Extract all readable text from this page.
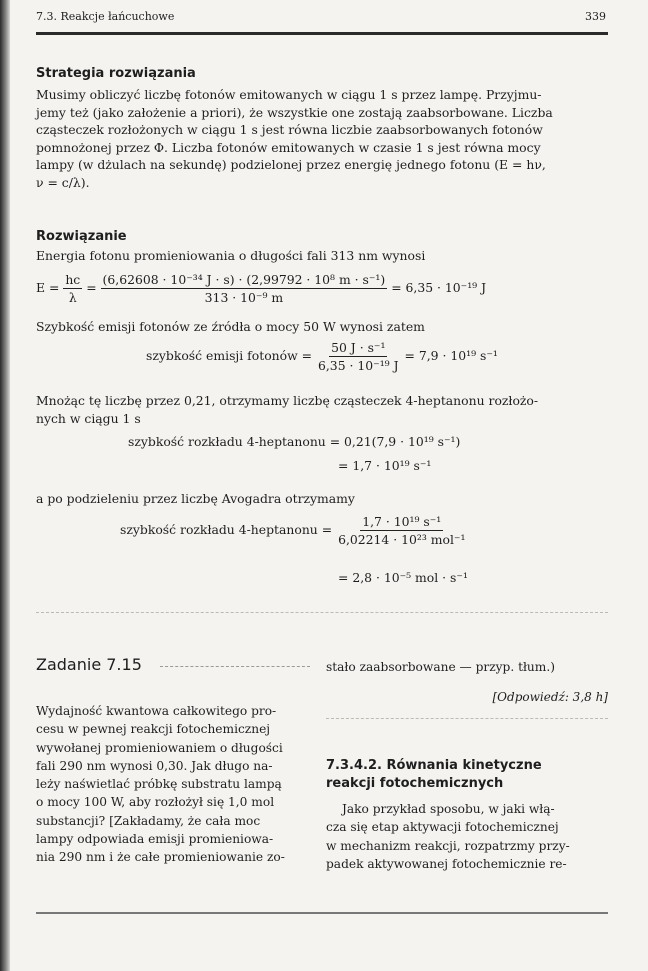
7.3. Reakcje łańcuchowe	339
Strategia rozwiązania
Musimy obliczyć liczbę fotonów emitowanych w ciągu 1 s przez lampę. Przyjmu-
jemy też (jako założenie a priori), że wszystkie one zostają zaabsorbowane. Liczba
cząsteczek rozłożonych w ciągu 1 s jest równa liczbie zaabsorbowanych fotonów
pomnożonej przez Φ. Liczba fotonów emitowanych w czasie 1 s jest równa mocy
lampy (w dżulach na sekundę) podzielonej przez energię jednego fotonu (E = hν,
ν = c/λ).
Rozwiązanie
Energia fotonu promieniowania o długości fali 313 nm wynosi
$E = \frac{hc}{\lambda} = \frac{\text{(6,62608 · 10⁻³⁴ J · s) · (2,99792 · 10⁸ m · s⁻¹)}}{\text{313 · 10⁻⁹ m}} = 6,35 \cdot 10^{-19}$ J
Szybkość emisji fotonów ze źródła o mocy 50 W wynosi zatem
szybkość emisji fotonów = $\frac{\text{50 J · s⁻¹}}{\text{6,35 · 10⁻¹⁹ J}} = 7,9 \cdot 10^{19}$ s⁻¹
Mnożąc tę liczbę przez 0,21, otrzymamy liczbę cząsteczek 4-heptanonu rozłożo-
nych w ciągu 1 s
szybkość rozkładu 4-heptanonu = 0,21(7,9 · 10¹⁹ s⁻¹)
= 1,7 · 10¹⁹ s⁻¹
a po podzieleniu przez liczbę Avogadra otrzymamy
szybkość rozkładu 4-heptanonu = $\frac{\text{1,7 · 10¹⁹ s⁻¹}}{\text{6,02214 · 10²³ mol⁻¹}}$
= 2,8 · 10⁻⁵ mol · s⁻¹
Zadanie 7.15
Wydajność kwantowa całkowitego pro-
cesu w pewnej reakcji fotochemicznej
wywołanej promieniowaniem o długości
fali 290 nm wynosi 0,30. Jak długo na-
leży naświetlać próbkę substratu lampą
o mocy 100 W, aby rozłożył się 1,0 mol
substancji? [Zakładamy, że cała moc
lampy odpowiada emisji promieniowa-
nia 290 nm i że całe promieniowanie zo-
stało zaabsorbowane — przyp. tłum.)
[Odpowiedź: 3,8 h]
7.3.4.2. Równania kinetyczne
reakcji fotochemicznych
Jako przykład sposobu, w jaki włą-
cza się etap aktywacji fotochemicznej
w mechanizm reakcji, rozpatrzmy przy-
padek aktywowanej fotochemicznie re-
